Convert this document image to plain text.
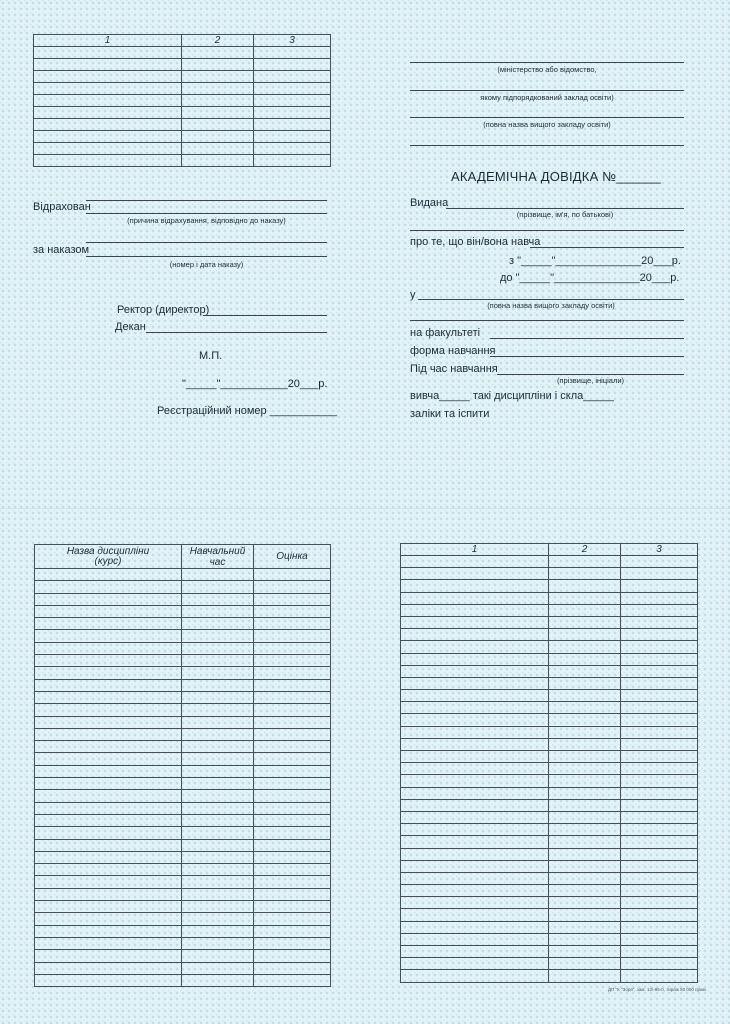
1	2	3

Відрахован
(причина відрахування, відповідно до наказу)
за наказом
(номер і дата наказу)
Ректор (директор)
Декан
М.П.
"_____"___________20___р.
Реєстраційний номер ___________
(міністерство або відомство,
якому підпорядкований заклад освіти)
(повна назва вищого закладу освіти)
АКАДЕМІЧНА ДОВІДКА №______
Видана
(прізвище, ім'я, по батькові)
про те, що він/вона навча
з "_____"______________20___р.
до "_____"______________20___р.
у
(повна назва вищого закладу освіти)
на факультеті
форма навчання
Під час навчання
(прізвище, ініціали)
вивча_____ такі дисципліни і скла_____
заліки та іспити
Назва дисципліни
(курс)	Навчальний час	Оцінка

1	2	3

ДП "К "Зоря", зам. 12\-95-0, тираж 50 000 прим.
